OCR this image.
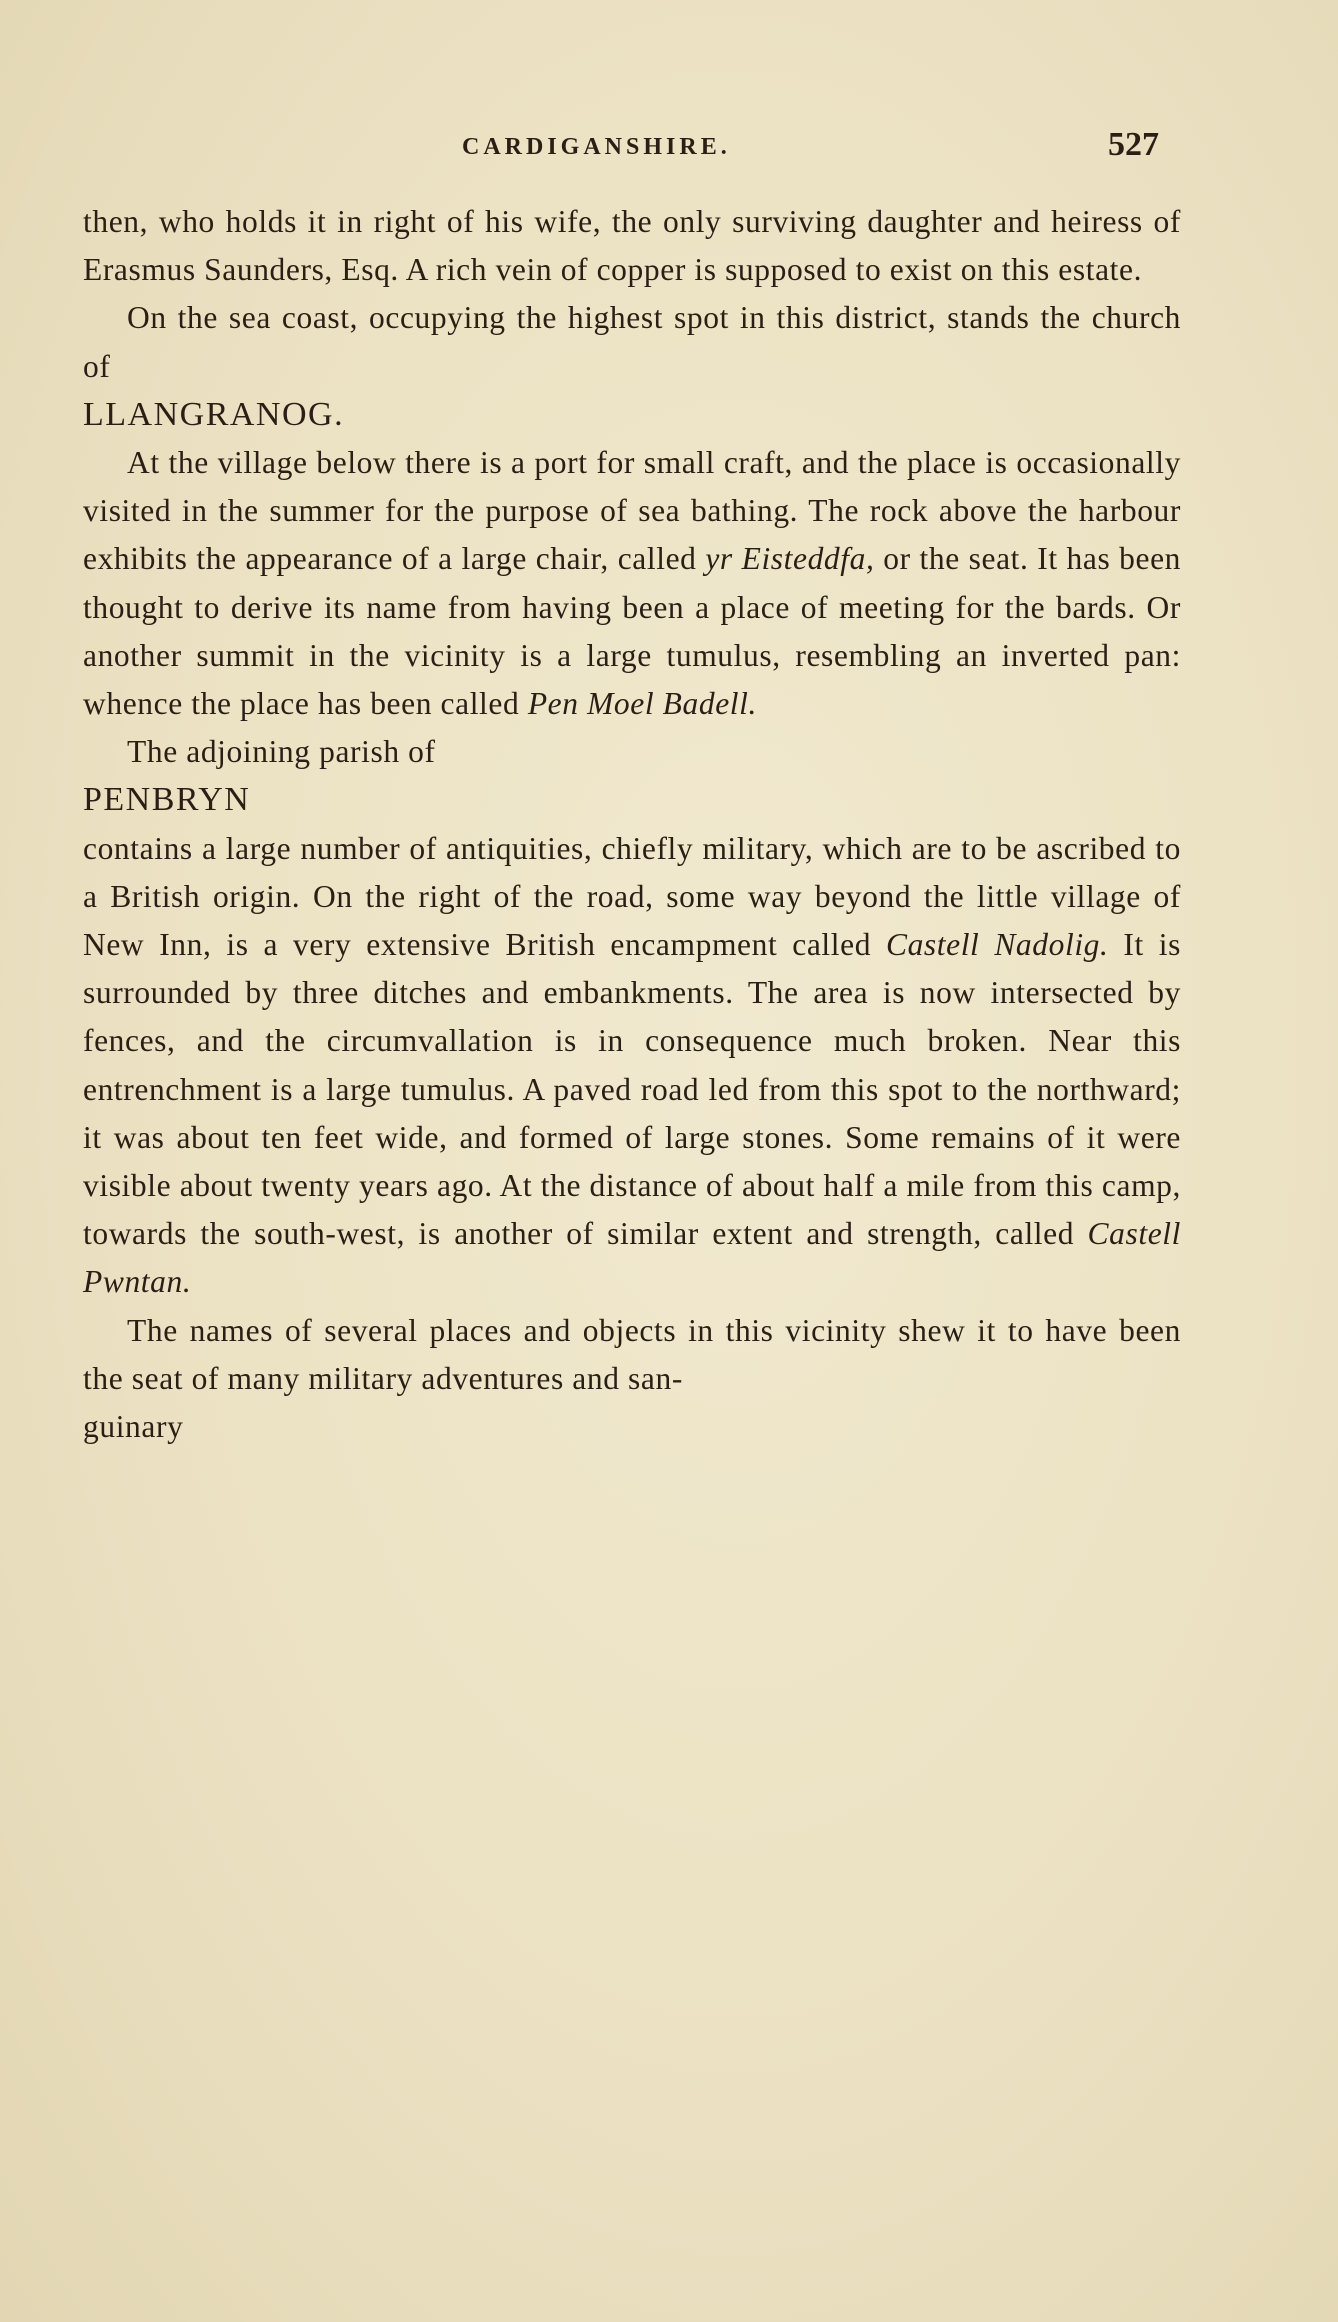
CARDIGANSHIRE.	527

then, who holds it in right of his wife, the only surviving daughter and heiress of Erasmus Saunders, Esq. A rich vein of copper is supposed to exist on this estate.

On the sea coast, occupying the highest spot in this district, stands the church of

LLANGRANOG.

At the village below there is a port for small craft, and the place is occasionally visited in the summer for the purpose of sea bathing. The rock above the harbour exhibits the appearance of a large chair, called yr Eisteddfa, or the seat. It has been thought to derive its name from having been a place of meeting for the bards. Or another summit in the vicinity is a large tumulus, resembling an inverted pan: whence the place has been called Pen Moel Badell.

The adjoining parish of

PENBRYN

contains a large number of antiquities, chiefly military, which are to be ascribed to a British origin. On the right of the road, some way beyond the little village of New Inn, is a very extensive British encampment called Castell Nadolig. It is surrounded by three ditches and embankments. The area is now intersected by fences, and the circumvallation is in consequence much broken. Near this entrenchment is a large tumulus. A paved road led from this spot to the northward; it was about ten feet wide, and formed of large stones. Some remains of it were visible about twenty years ago. At the distance of about half a mile from this camp, towards the south-west, is another of similar extent and strength, called Castell Pwntan.

The names of several places and objects in this vicinity shew it to have been the seat of many military adventures and san-

guinary
